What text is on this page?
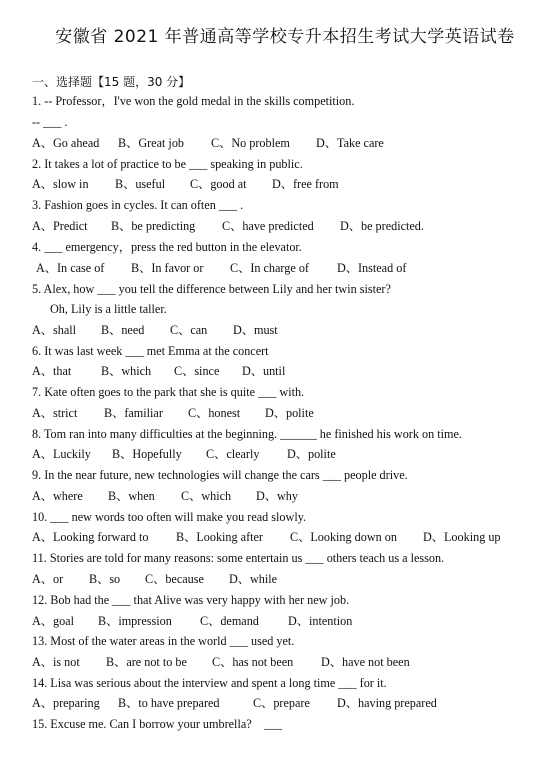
安徽省 2021 年普通高等学校专升本招生考试大学英语试卷
一、选择题【15 题，30 分】
1. -- Professor，I've won the gold medal in the skills competition.
-- ___ .
A、Go ahead B、Great job C、No problem D、Take care
2. It takes a lot of practice to be ___ speaking in public.
A、slow in B、useful C、good at D、free from
3. Fashion goes in cycles. It can often ___ .
A、Predict B、be predicting C、have predicted D、be predicted.
4. ___ emergency，press the red button in the elevator.
A、In case of B、In favor or C、In charge of D、Instead of
5. Alex, how ___ you tell the difference between Lily and her twin sister?
Oh, Lily is a little taller.
A、shall B、need C、can D、must
6. It was last week ___ met Emma at the concert
A、that B、which C、since D、until
7. Kate often goes to the park that she is quite ___ with.
A、strict B、familiar C、honest D、polite
8. Tom ran into many difficulties at the beginning. ______ he finished his work on time.
A、Luckily B、Hopefully C、clearly D、polite
9. In the near future, new technologies will change the cars ___ people drive.
A、where B、when C、which D、why
10. ___ new words too often will make you read slowly.
A、Looking forward to B、Looking after C、Looking down on D、Looking up
11. Stories are told for many reasons: some entertain us ___ others teach us a lesson.
A、or B、so C、because D、while
12. Bob had the ___ that Alive was very happy with her new job.
A、goal B、impression C、demand D、intention
13. Most of the water areas in the world ___ used yet.
A、is not B、are not to be C、has not been D、have not been
14. Lisa was serious about the interview and spent a long time ___ for it.
A、preparing B、to have prepared	C、prepare D、having prepared
15. Excuse me. Can I borrow your umbrella?　___
